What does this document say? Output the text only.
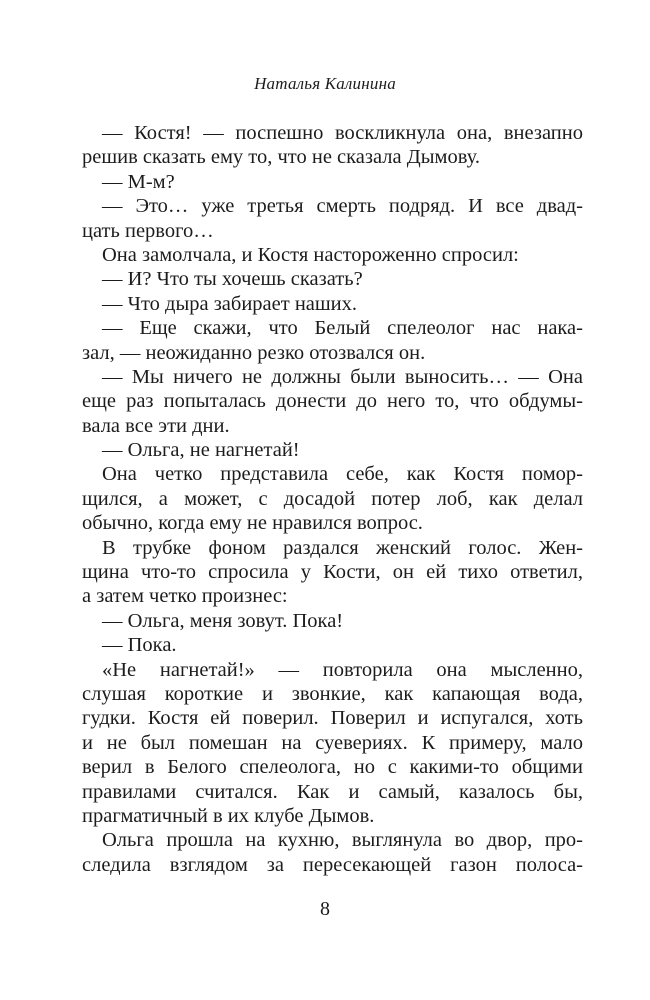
Наталья Калинина
— Костя! — поспешно воскликнула она, внезапно
решив сказать ему то, что не сказала Дымову.
— М-м?
— Это… уже третья смерть подряд. И все двад-
цать первого…
Она замолчала, и Костя настороженно спросил:
— И? Что ты хочешь сказать?
— Что дыра забирает наших.
— Еще скажи, что Белый спелеолог нас нака-
зал, — неожиданно резко отозвался он.
— Мы ничего не должны были выносить… — Она
еще раз попыталась донести до него то, что обдумы-
вала все эти дни.
— Ольга, не нагнетай!
Она четко представила себе, как Костя помор-
щился, а может, с досадой потер лоб, как делал
обычно, когда ему не нравился вопрос.
В трубке фоном раздался женский голос. Жен-
щина что-то спросила у Кости, он ей тихо ответил,
а затем четко произнес:
— Ольга, меня зовут. Пока!
— Пока.
«Не нагнетай!» — повторила она мысленно,
слушая короткие и звонкие, как капающая вода,
гудки. Костя ей поверил. Поверил и испугался, хоть
и не был помешан на суевериях. К примеру, мало
верил в Белого спелеолога, но с какими-то общими
правилами считался. Как и самый, казалось бы,
прагматичный в их клубе Дымов.
Ольга прошла на кухню, выглянула во двор, про-
следила взглядом за пересекающей газон полоса-
8
